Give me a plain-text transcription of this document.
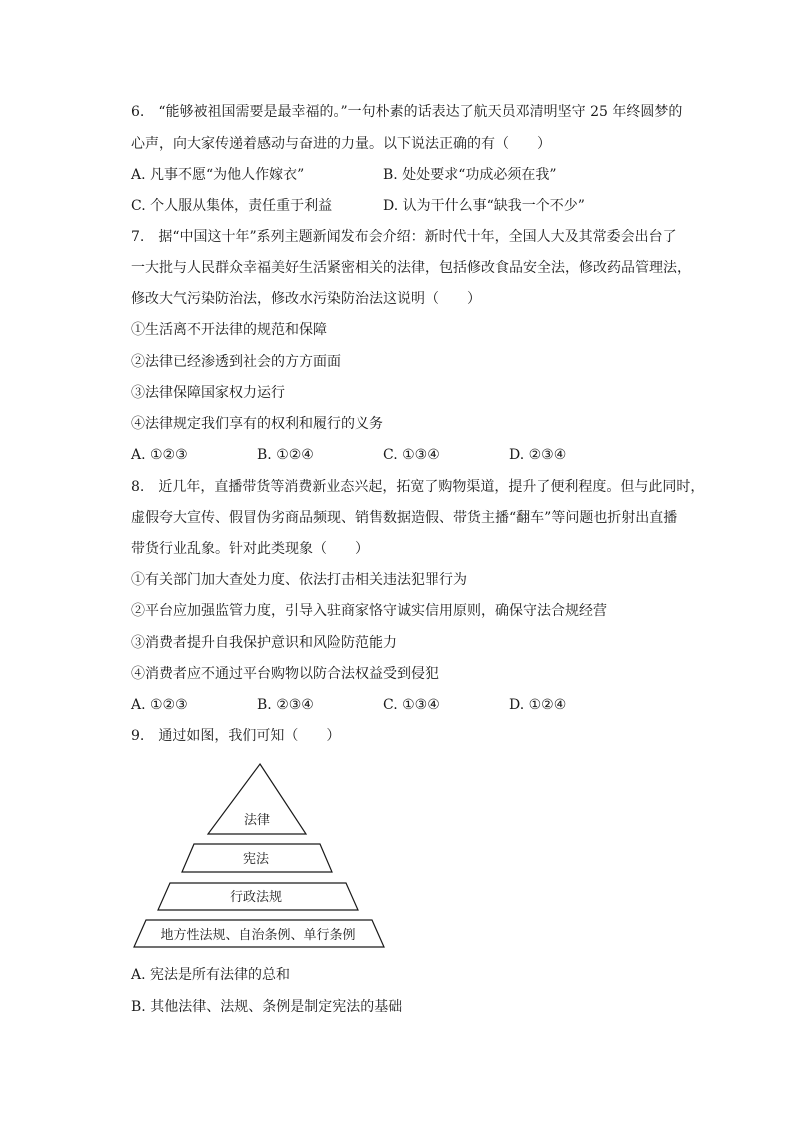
6.　“能够被祖国需要是最幸福的。”一句朴素的话表达了航天员邓清明坚守 25 年终圆梦的
心声，向大家传递着感动与奋进的力量。以下说法正确的有（　　）
A. 凡事不愿“为他人作嫁衣”	B. 处处要求“功成必须在我”
C. 个人服从集体，责任重于利益	D. 认为干什么事“缺我一个不少”
7.　据“中国这十年”系列主题新闻发布会介绍：新时代十年，全国人大及其常委会出台了
一大批与人民群众幸福美好生活紧密相关的法律，包括修改食品安全法，修改药品管理法，
修改大气污染防治法，修改水污染防治法这说明（　　）
①生活离不开法律的规范和保障
②法律已经渗透到社会的方方面面
③法律保障国家权力运行
④法律规定我们享有的权利和履行的义务
A. ①②③	B. ①②④	C. ①③④	D. ②③④
8.　近几年，直播带货等消费新业态兴起，拓宽了购物渠道，提升了便利程度。但与此同时，
虚假夸大宣传、假冒伪劣商品频现、销售数据造假、带货主播“翻车”等问题也折射出直播
带货行业乱象。针对此类现象（　　）
①有关部门加大查处力度、依法打击相关违法犯罪行为
②平台应加强监管力度，引导入驻商家恪守诚实信用原则，确保守法合规经营
③消费者提升自我保护意识和风险防范能力
④消费者应不通过平台购物以防合法权益受到侵犯
A. ①②③	B. ②③④	C. ①③④	D. ①②④
9.　通过如图，我们可知（　　）
法律
宪法
行政法规
地方性法规、自治条例、单行条例
A. 宪法是所有法律的总和
B. 其他法律、法规、条例是制定宪法的基础
